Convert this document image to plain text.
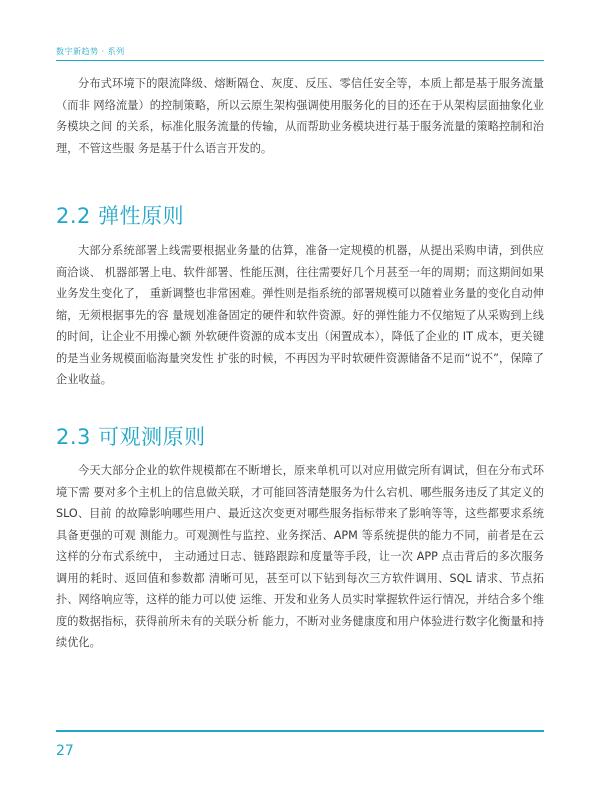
数字新趋势 · 系列

分布式环境下的限流降级、熔断隔仓、灰度、反压、零信任安全等，本质上都是基于服务流量（而非 网络流量）的控制策略，所以云原生架构强调使用服务化的目的还在于从架构层面抽象化业务模块之间 的关系，标准化服务流量的传输，从而帮助业务模块进行基于服务流量的策略控制和治理，不管这些服 务是基于什么语言开发的。

2.2 弹性原则

大部分系统部署上线需要根据业务量的估算，准备一定规模的机器，从提出采购申请，到供应商洽谈、 机器部署上电、软件部署、性能压测，往往需要好几个月甚至一年的周期；而这期间如果业务发生变化了， 重新调整也非常困难。弹性则是指系统的部署规模可以随着业务量的变化自动伸缩，无须根据事先的容 量规划准备固定的硬件和软件资源。好的弹性能力不仅缩短了从采购到上线的时间，让企业不用操心额 外软硬件资源的成本支出（闲置成本），降低了企业的 IT 成本，更关键的是当业务规模面临海量突发性 扩张的时候，不再因为平时软硬件资源储备不足而“说不”，保障了企业收益。

2.3 可观测原则

今天大部分企业的软件规模都在不断增长，原来单机可以对应用做完所有调试，但在分布式环境下需 要对多个主机上的信息做关联，才可能回答清楚服务为什么宕机、哪些服务违反了其定义的 SLO、目前 的故障影响哪些用户、最近这次变更对哪些服务指标带来了影响等等，这些都要求系统具备更强的可观 测能力。可观测性与监控、业务探活、APM 等系统提供的能力不同，前者是在云这样的分布式系统中， 主动通过日志、链路跟踪和度量等手段，让一次 APP 点击背后的多次服务调用的耗时、返回值和参数都 清晰可见，甚至可以下钻到每次三方软件调用、SQL 请求、节点拓扑、网络响应等，这样的能力可以使 运维、开发和业务人员实时掌握软件运行情况，并结合多个维度的数据指标，获得前所未有的关联分析 能力，不断对业务健康度和用户体验进行数字化衡量和持续优化。

27
